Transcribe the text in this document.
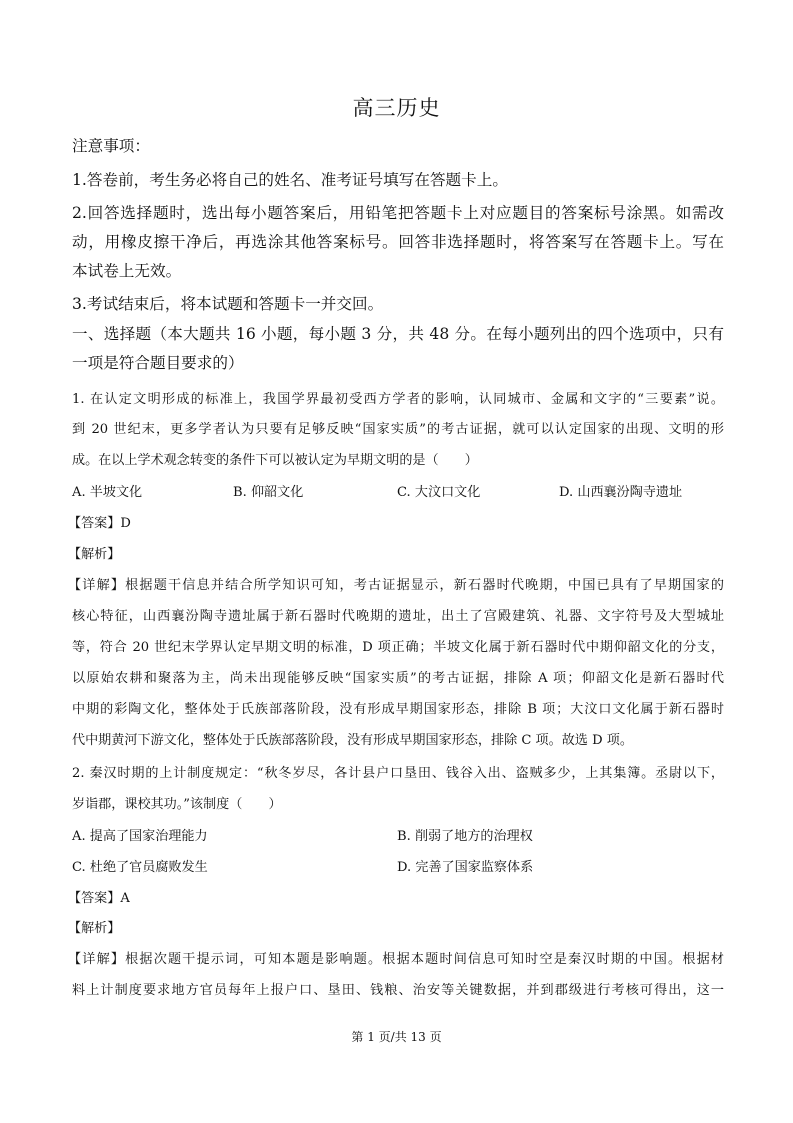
高三历史
注意事项：
1.答卷前，考生务必将自己的姓名、准考证号填写在答题卡上。
2.回答选择题时，选出每小题答案后，用铅笔把答题卡上对应题目的答案标号涂黑。如需改
动，用橡皮擦干净后，再选涂其他答案标号。回答非选择题时，将答案写在答题卡上。写在
本试卷上无效。
3.考试结束后，将本试题和答题卡一并交回。
一、选择题（本大题共 16 小题，每小题 3 分，共 48 分。在每小题列出的四个选项中，只有
一项是符合题目要求的）
1. 在认定文明形成的标准上，我国学界最初受西方学者的影响，认同城市、金属和文字的“三要素”说。
到 20 世纪末，更多学者认为只要有足够反映“国家实质”的考古证据，就可以认定国家的出现、文明的形
成。在以上学术观念转变的条件下可以被认定为早期文明的是（　　）
A. 半坡文化	B. 仰韶文化	C. 大汶口文化	D. 山西襄汾陶寺遗址
【答案】D
【解析】
【详解】根据题干信息并结合所学知识可知，考古证据显示，新石器时代晚期，中国已具有了早期国家的
核心特征，山西襄汾陶寺遗址属于新石器时代晚期的遗址，出土了宫殿建筑、礼器、文字符号及大型城址
等，符合 20 世纪末学界认定早期文明的标准，D 项正确；半坡文化属于新石器时代中期仰韶文化的分支，
以原始农耕和聚落为主，尚未出现能够反映“国家实质”的考古证据，排除 A 项；仰韶文化是新石器时代
中期的彩陶文化，整体处于氏族部落阶段，没有形成早期国家形态，排除 B 项；大汶口文化属于新石器时
代中期黄河下游文化，整体处于氏族部落阶段，没有形成早期国家形态，排除 C 项。故选 D 项。
2. 秦汉时期的上计制度规定：“秋冬岁尽，各计县户口垦田、钱谷入出、盗贼多少，上其集簿。丞尉以下，
岁诣郡，课校其功。”该制度（　　）
A. 提高了国家治理能力	B. 削弱了地方的治理权
C. 杜绝了官员腐败发生	D. 完善了国家监察体系
【答案】A
【解析】
【详解】根据次题干提示词，可知本题是影响题。根据本题时间信息可知时空是秦汉时期的中国。根据材
料上计制度要求地方官员每年上报户口、垦田、钱粮、治安等关键数据，并到郡级进行考核可得出，这一
第 1 页/共 13 页
